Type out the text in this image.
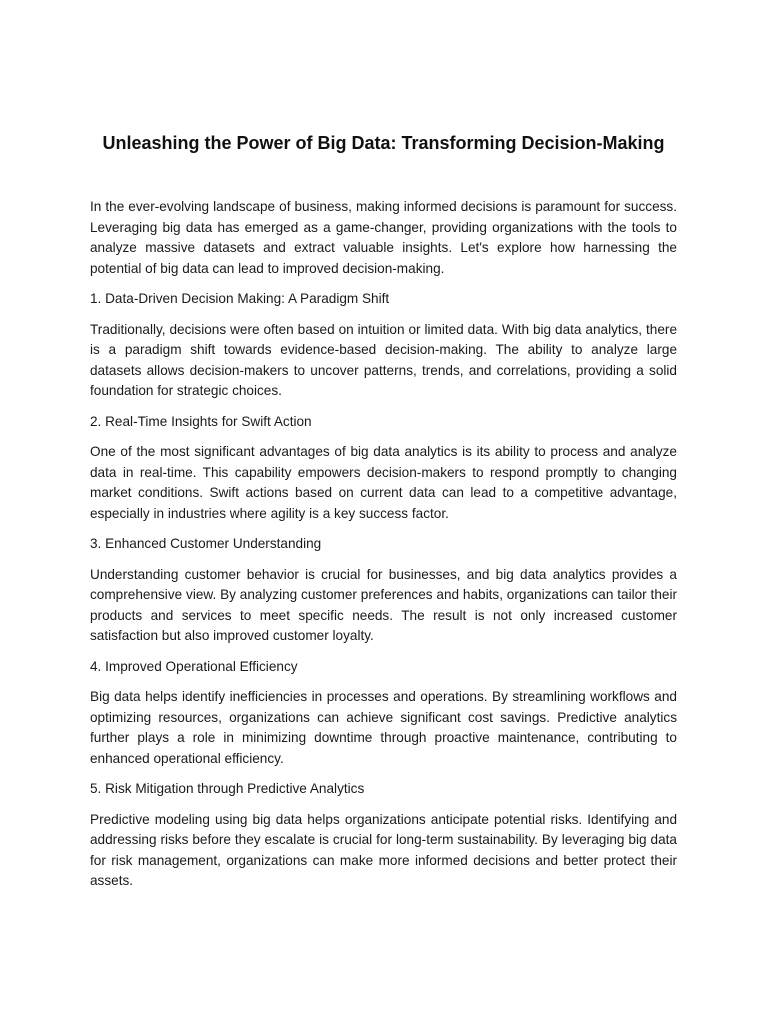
Unleashing the Power of Big Data: Transforming Decision-Making

In the ever-evolving landscape of business, making informed decisions is paramount for success. Leveraging big data has emerged as a game-changer, providing organizations with the tools to analyze massive datasets and extract valuable insights. Let's explore how harnessing the potential of big data can lead to improved decision-making.

1. Data-Driven Decision Making: A Paradigm Shift

Traditionally, decisions were often based on intuition or limited data. With big data analytics, there is a paradigm shift towards evidence-based decision-making. The ability to analyze large datasets allows decision-makers to uncover patterns, trends, and correlations, providing a solid foundation for strategic choices.

2. Real-Time Insights for Swift Action

One of the most significant advantages of big data analytics is its ability to process and analyze data in real-time. This capability empowers decision-makers to respond promptly to changing market conditions. Swift actions based on current data can lead to a competitive advantage, especially in industries where agility is a key success factor.

3. Enhanced Customer Understanding

Understanding customer behavior is crucial for businesses, and big data analytics provides a comprehensive view. By analyzing customer preferences and habits, organizations can tailor their products and services to meet specific needs. The result is not only increased customer satisfaction but also improved customer loyalty.

4. Improved Operational Efficiency

Big data helps identify inefficiencies in processes and operations. By streamlining workflows and optimizing resources, organizations can achieve significant cost savings. Predictive analytics further plays a role in minimizing downtime through proactive maintenance, contributing to enhanced operational efficiency.

5. Risk Mitigation through Predictive Analytics

Predictive modeling using big data helps organizations anticipate potential risks. Identifying and addressing risks before they escalate is crucial for long-term sustainability. By leveraging big data for risk management, organizations can make more informed decisions and better protect their assets.
